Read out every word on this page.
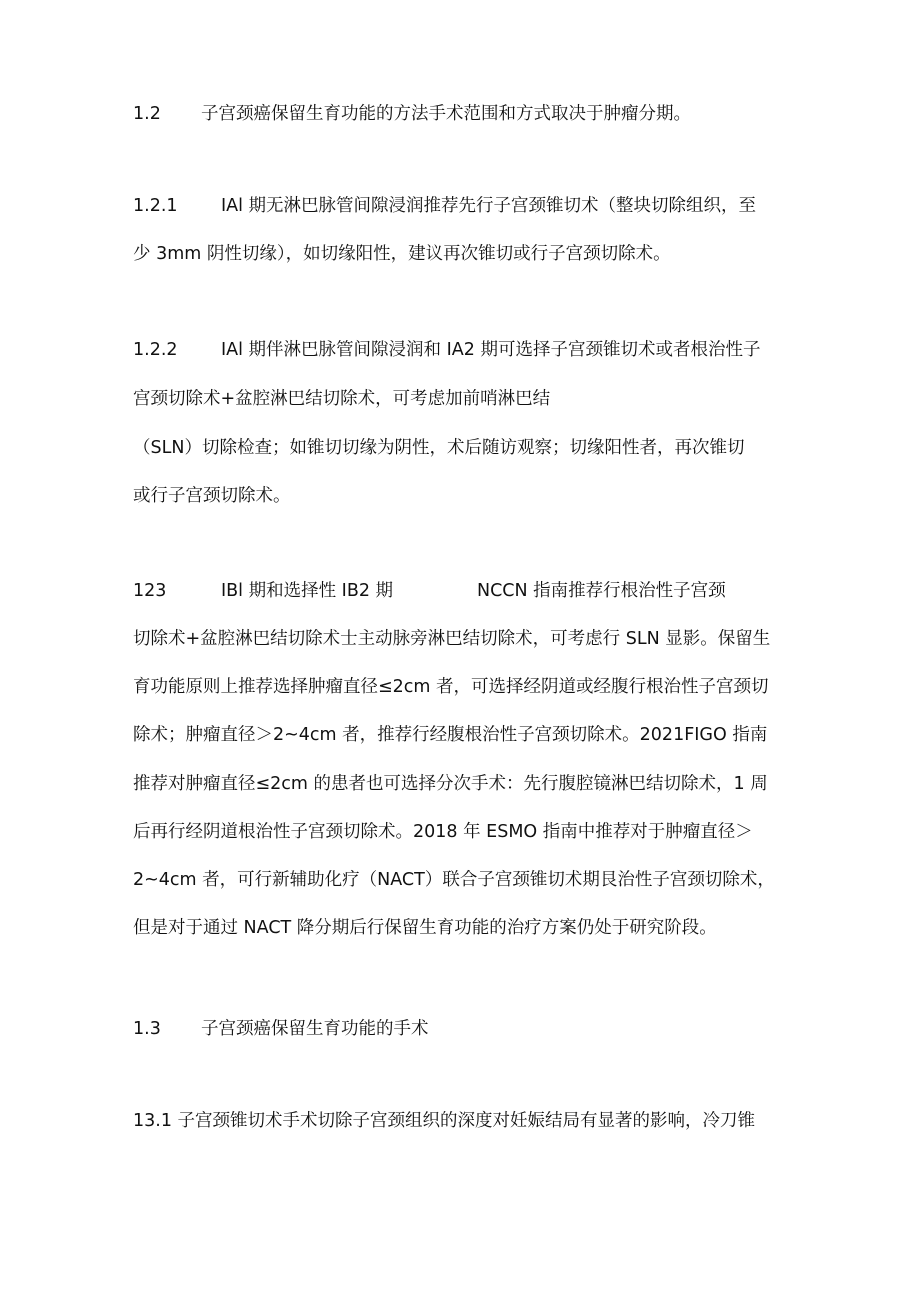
1.2 子宫颈癌保留生育功能的方法手术范围和方式取决于肿瘤分期。
1.2.1 IAl 期无淋巴脉管间隙浸润推荐先行子宫颈锥切术（整块切除组织，至
少 3mm 阴性切缘），如切缘阳性，建议再次锥切或行子宫颈切除术。
1.2.2 IAl 期伴淋巴脉管间隙浸润和 IA2 期可选择子宫颈锥切术或者根治性子
宫颈切除术+盆腔淋巴结切除术，可考虑加前哨淋巴结
（SLN）切除检查；如锥切切缘为阴性，术后随访观察；切缘阳性者，再次锥切
或行子宫颈切除术。
123	IBl 期和选择性 IB2 期	NCCN 指南推荐行根治性子宫颈
切除术+盆腔淋巴结切除术士主动脉旁淋巴结切除术，可考虑行 SLN 显影。保留生
育功能原则上推荐选择肿瘤直径≤2cm 者，可选择经阴道或经腹行根治性子宫颈切
除术；肿瘤直径＞2~4cm 者，推荐行经腹根治性子宫颈切除术。2021FIGO 指南
推荐对肿瘤直径≤2cm 的患者也可选择分次手术：先行腹腔镜淋巴结切除术，1 周
后再行经阴道根治性子宫颈切除术。2018 年 ESMO 指南中推荐对于肿瘤直径＞
2~4cm 者，可行新辅助化疗（NACT）联合子宫颈锥切术期艮治性子宫颈切除术，
但是对于通过 NACT 降分期后行保留生育功能的治疗方案仍处于研究阶段。
1.3 子宫颈癌保留生育功能的手术
13.1 子宫颈锥切术手术切除子宫颈组织的深度对妊娠结局有显著的影响，冷刀锥
